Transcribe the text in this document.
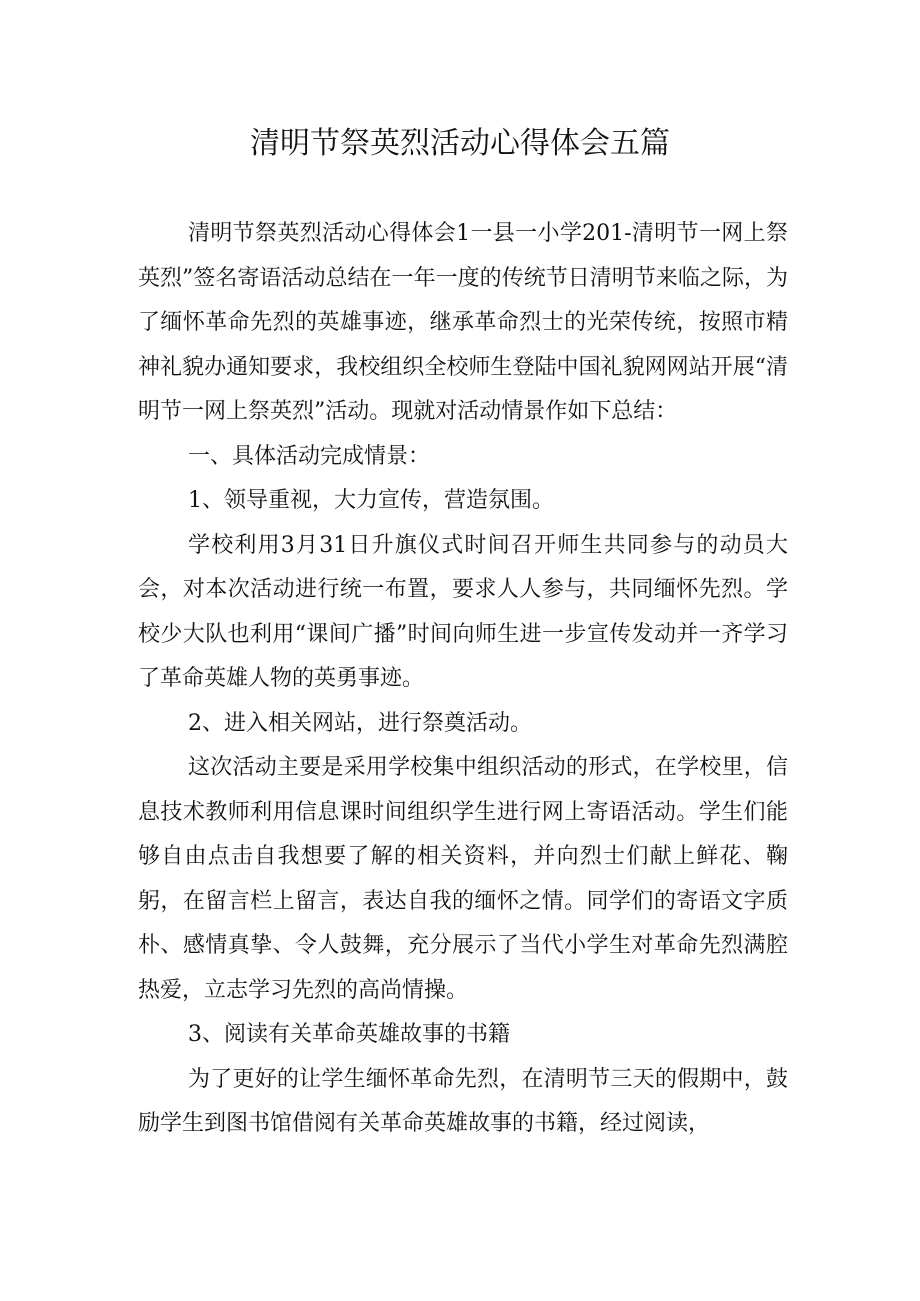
清明节祭英烈活动心得体会五篇

清明节祭英烈活动心得体会1一县一小学201-清明节一网上祭英烈”签名寄语活动总结在一年一度的传统节日清明节来临之际，为了缅怀革命先烈的英雄事迹，继承革命烈士的光荣传统，按照市精神礼貌办通知要求，我校组织全校师生登陆中国礼貌网网站开展“清明节一网上祭英烈”活动。现就对活动情景作如下总结：

一、具体活动完成情景：

1、领导重视，大力宣传，营造氛围。

学校利用3月31日升旗仪式时间召开师生共同参与的动员大会，对本次活动进行统一布置，要求人人参与，共同缅怀先烈。学校少大队也利用“课间广播”时间向师生进一步宣传发动并一齐学习了革命英雄人物的英勇事迹。

2、进入相关网站，进行祭奠活动。

这次活动主要是采用学校集中组织活动的形式，在学校里，信息技术教师利用信息课时间组织学生进行网上寄语活动。学生们能够自由点击自我想要了解的相关资料，并向烈士们献上鲜花、鞠躬，在留言栏上留言，表达自我的缅怀之情。同学们的寄语文字质朴、感情真挚、令人鼓舞，充分展示了当代小学生对革命先烈满腔热爱，立志学习先烈的高尚情操。

3、阅读有关革命英雄故事的书籍

为了更好的让学生缅怀革命先烈，在清明节三天的假期中，鼓励学生到图书馆借阅有关革命英雄故事的书籍，经过阅读，
